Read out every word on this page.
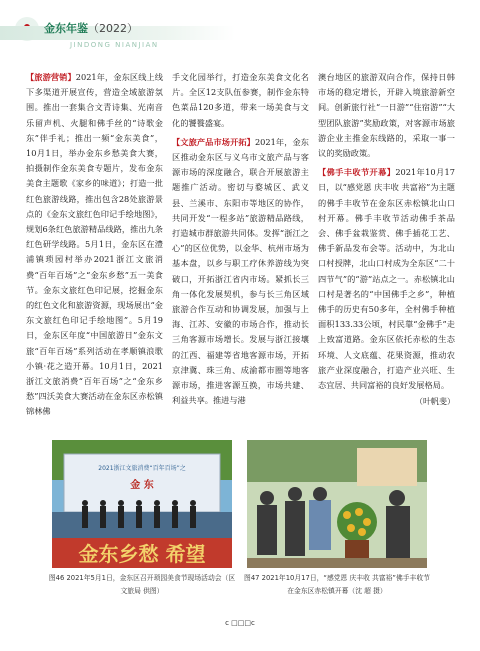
金东年鉴（2022）
JINDONG NIANJIAN

【旅游营销】2021年，金东区线上线下多渠道开展宣传，营造全域旅游氛围。推出一套集合文青诗集、光南音乐留声机、火腿和佛手丝的“诗歌金东”伴手礼；推出一频“金东美食”，10月1日，举办金东乡愁美食大赛，拍摄制作金东美食专题片，发布金东美食主题歌《家乡的味道》；打造一批红色旅游线路，推出包含28处旅游景点的《金东文旅红色印记手绘地图》，规划6条红色旅游精品线路，推出九条红色研学线路。5月1日，金东区在澧浦镇琐园村举办2021浙江文旅消费“百年百场”之“金东乡愁”五一美食节。金东文旅红色印记展，挖掘金东的红色文化和旅游资源，现场展出“金东文旅红色印记手绘地图”。5月19日，金东区年度“中国旅游日”金东文旅“百年百场”系列活动在孝顺镇浪歌小镇·花之造开幕。10月1日，2021浙江文旅消费“百年百场”之“金东乡愁”四沃美食大赛活动在金东区赤松镇锦林佛

手文化园举行，打造金东美食文化名片。全区12支队伍参赛，制作金东特色菜品120多道，带来一场美食与文化的饕餮盛宴。

【文旅产品市场开拓】2021年，金东区推动金东区与义乌市文旅产品与客源市场的深度融合，联合开展旅游主题推广活动。密切与婺城区、武义县、兰溪市、东阳市等地区的协作，共同开发“一程多站”旅游精品路线，打造城市群旅游共同体。发挥“浙江之心”的区位优势，以金华、杭州市场为基本盘，以乡与职工疗休养游线为突破口，开拓浙江省内市场。紧抓长三角一体化发展契机，参与长三角区域旅游合作互动和协调发展，加强与上海、江苏、安徽的市场合作，推动长三角客源市场增长。发展与浙江接壤的江西、福建等省地客源市场，开拓京津冀、珠三角、成渝都市圈等地客源市场，推进客源互换，市场共建、利益共享。推进与港

澳台地区的旅游双向合作，保持日韩市场的稳定增长，开辟入境旅游新空间。创新旅行社“一日游”“住宿游”“大型团队旅游”奖励政策，对客源市场旅游企业主推金东线路的，采取一事一议的奖励政策。

【佛手丰收节开幕】2021年10月17日，以“感党恩 庆丰收 共富裕”为主题的佛手丰收节在金东区赤松镇北山口村开幕。佛手丰收节活动佛手茶品会、佛手盆栽鉴赏、佛手插花工艺、佛手新品发布会等。活动中，为北山口村授牌，北山口村成为全东区“二十四节气”的“游”站点之一。赤松镇北山口村是著名的“中国佛手之乡”，种植佛手的历史有50多年，全村佛手种植面积133.33公顷，村民靠“金佛手”走上致富道路。金东区依托赤松的生态环境、人文底蕴、花果资源，推动农旅产业深度融合，打造产业兴旺、生态宜居、共同富裕的良好发展格局。

（叶帆斐）
2021浙江文旅消费“百年百场”之
金 东
金东乡愁 希望
图46 2021年5月1日，金东区召开琐园美食节现场活动会（区文旅局 供图）
图47 2021年10月17日，“感党恩 庆丰收 共富裕”佛手丰收节在金东区赤松镇开幕（沈 超 摄）
c □□□c
